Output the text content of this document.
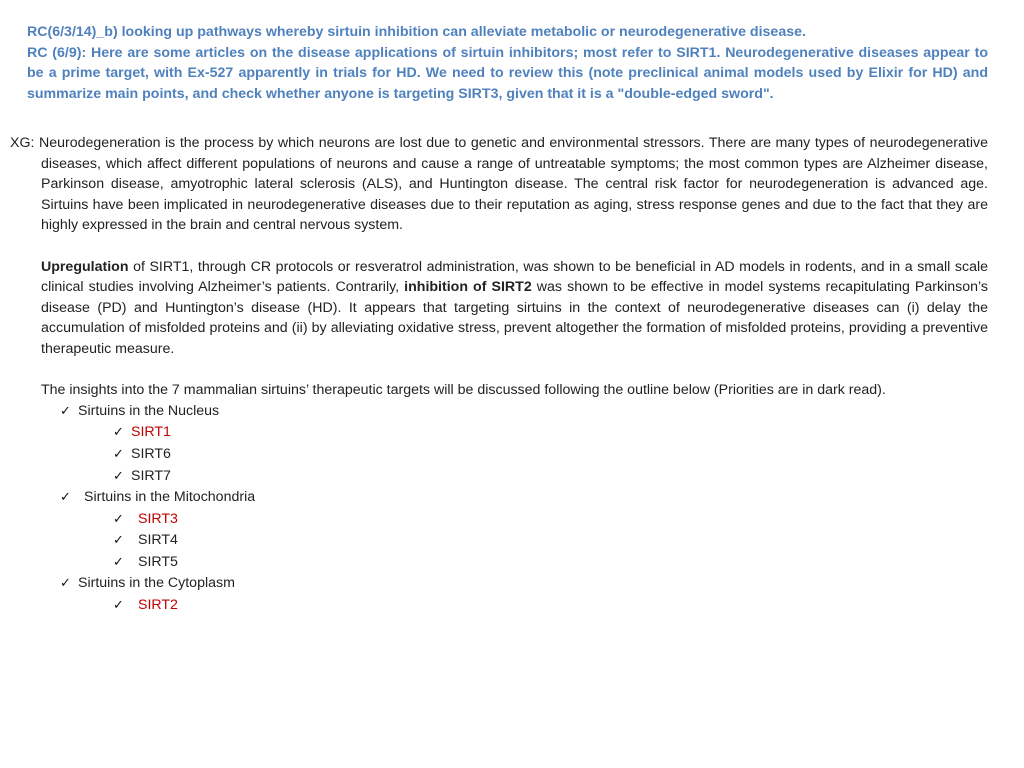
RC(6/3/14)_b) looking up pathways whereby sirtuin inhibition can alleviate metabolic or neurodegenerative disease.

RC (6/9): Here are some articles on the disease applications of sirtuin inhibitors; most refer to SIRT1. Neurodegenerative diseases appear to be a prime target, with Ex-527 apparently in trials for HD. We need to review this (note preclinical animal models used by Elixir for HD) and summarize main points, and check whether anyone is targeting SIRT3, given that it is a "double-edged sword".

XG: Neurodegeneration is the process by which neurons are lost due to genetic and environmental stressors. There are many types of neurodegenerative diseases, which affect different populations of neurons and cause a range of untreatable symptoms; the most common types are Alzheimer disease, Parkinson disease, amyotrophic lateral sclerosis (ALS), and Huntington disease. The central risk factor for neurodegeneration is advanced age. Sirtuins have been implicated in neurodegenerative diseases due to their reputation as aging, stress response genes and due to the fact that they are highly expressed in the brain and central nervous system.

Upregulation of SIRT1, through CR protocols or resveratrol administration, was shown to be beneficial in AD models in rodents, and in a small scale clinical studies involving Alzheimer’s patients. Contrarily, inhibition of SIRT2 was shown to be effective in model systems recapitulating Parkinson’s disease (PD) and Huntington’s disease (HD). It appears that targeting sirtuins in the context of neurodegenerative diseases can (i) delay the accumulation of misfolded proteins and (ii) by alleviating oxidative stress, prevent altogether the formation of misfolded proteins, providing a preventive therapeutic measure.

The insights into the 7 mammalian sirtuins’ therapeutic targets will be discussed following the outline below (Priorities are in dark read).

✓ Sirtuins in the Nucleus
✓ SIRT1
✓ SIRT6
✓ SIRT7
✓ Sirtuins in the Mitochondria
✓ SIRT3
✓ SIRT4
✓ SIRT5
✓ Sirtuins in the Cytoplasm
✓ SIRT2
